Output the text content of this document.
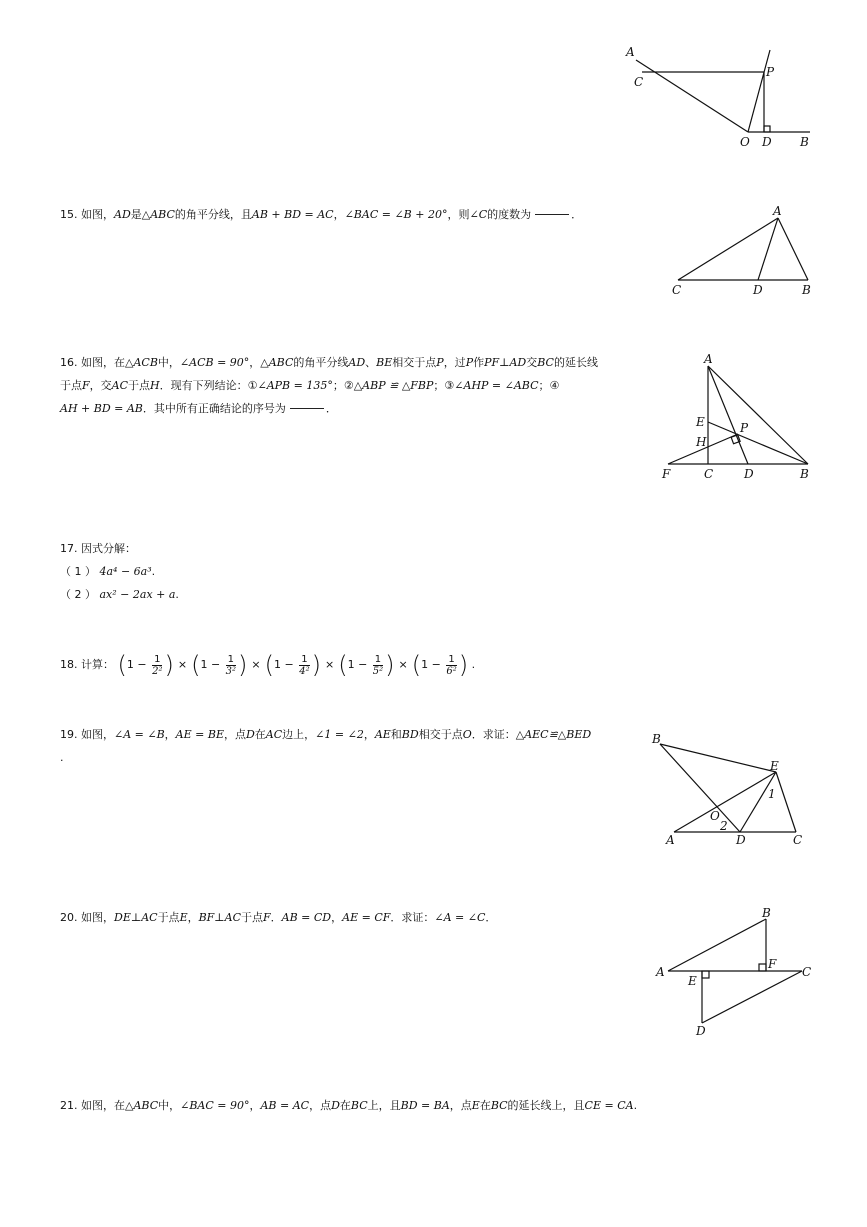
A
C
P
O D B
15. 如图，AD是△ABC的角平分线，且AB + BD = AC，∠BAC = ∠B + 20°，则∠C的度数为	．	A
C	D	B
16. 如图，在△ACB中，∠ACB = 90°，△ABC的角平分线AD、BE相交于点P，过P作PF⊥AD交BC的延长线
于点F，交AC于点H．现有下列结论：①∠APB = 135°；②△ABP ≌ △FBP；③∠AHP = ∠ABC；④
AH + BD = AB．其中所有正确结论的序号为	．
A
E	P
H
F	C	D	B
17. 因式分解：
（ 1 ） 4a⁴ − 6a³.
（ 2 ） ax² − 2ax + a.
18. 计算： ($1 - \frac{1}{\text{2²}}$ ) × ($1 - \frac{1}{\text{3²}}$ ) × ($1 - \frac{1}{\text{4²}}$ ) × ($1 - \frac{1}{\text{5²}}$ ) × ($1 - \frac{1}{\text{6²}}$ ) .
19. 如图，∠A = ∠B，AE = BE，点D在AC边上，∠1 = ∠2，AE和BD相交于点O．求证：△AEC≌△BED
.
B
E
1
O
2
A	D	C
20. 如图，DE⊥AC于点E，BF⊥AC于点F．AB = CD，AE = CF．求证：∠A = ∠C．	B
A
E
F
C
D
21. 如图，在△ABC中，∠BAC = 90°，AB = AC，点D在BC上，且BD = BA，点E在BC的延长线上，且CE = CA.
